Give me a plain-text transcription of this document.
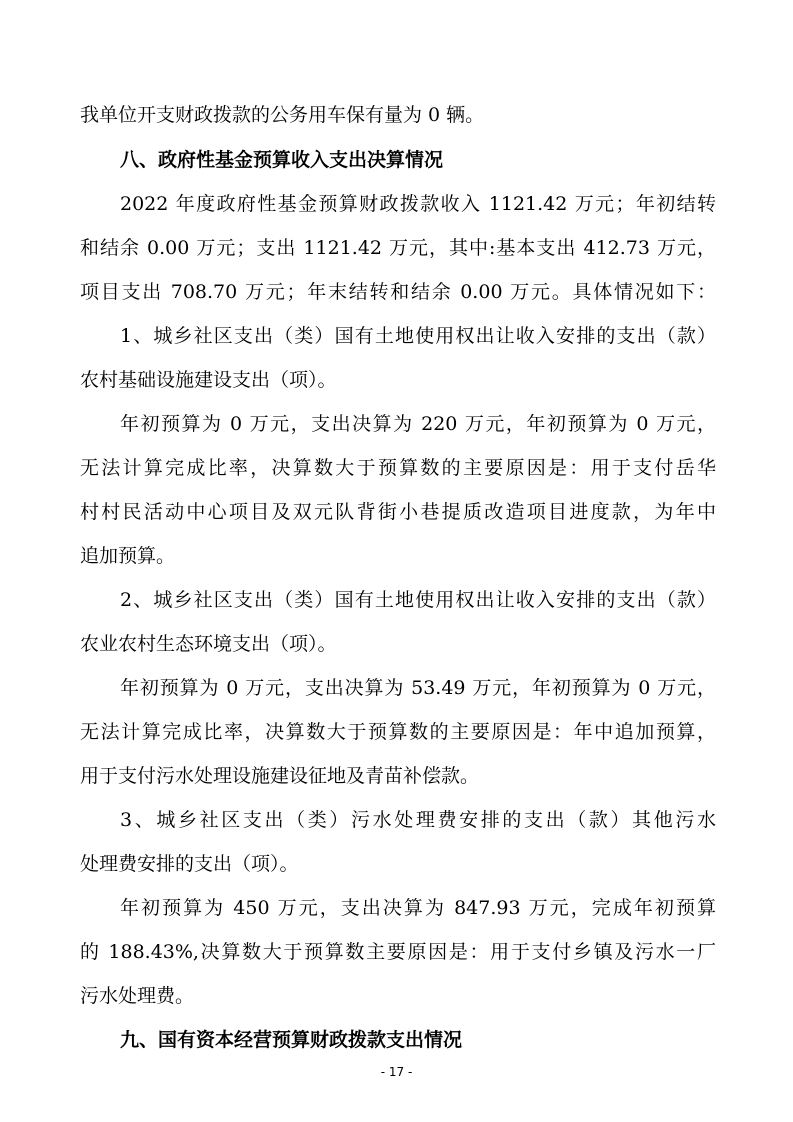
我单位开支财政拨款的公务用车保有量为 0 辆。
八、政府性基金预算收入支出决算情况
2022 年度政府性基金预算财政拨款收入 1121.42 万元；年初结转
和结余 0.00 万元；支出 1121.42 万元，其中:基本支出 412.73 万元，
项目支出 708.70 万元；年末结转和结余 0.00 万元。具体情况如下：
1、城乡社区支出（类）国有土地使用权出让收入安排的支出（款）
农村基础设施建设支出（项）。
年初预算为 0 万元，支出决算为 220 万元，年初预算为 0 万元，
无法计算完成比率，决算数大于预算数的主要原因是：用于支付岳华
村村民活动中心项目及双元队背街小巷提质改造项目进度款，为年中
追加预算。
2、城乡社区支出（类）国有土地使用权出让收入安排的支出（款）
农业农村生态环境支出（项）。
年初预算为 0 万元，支出决算为 53.49 万元，年初预算为 0 万元，
无法计算完成比率，决算数大于预算数的主要原因是：年中追加预算，
用于支付污水处理设施建设征地及青苗补偿款。
3、城乡社区支出（类）污水处理费安排的支出（款）其他污水
处理费安排的支出（项）。
年初预算为 450 万元，支出决算为 847.93 万元，完成年初预算
的 188.43%,决算数大于预算数主要原因是：用于支付乡镇及污水一厂
污水处理费。
九、国有资本经营预算财政拨款支出情况
- 17 -
